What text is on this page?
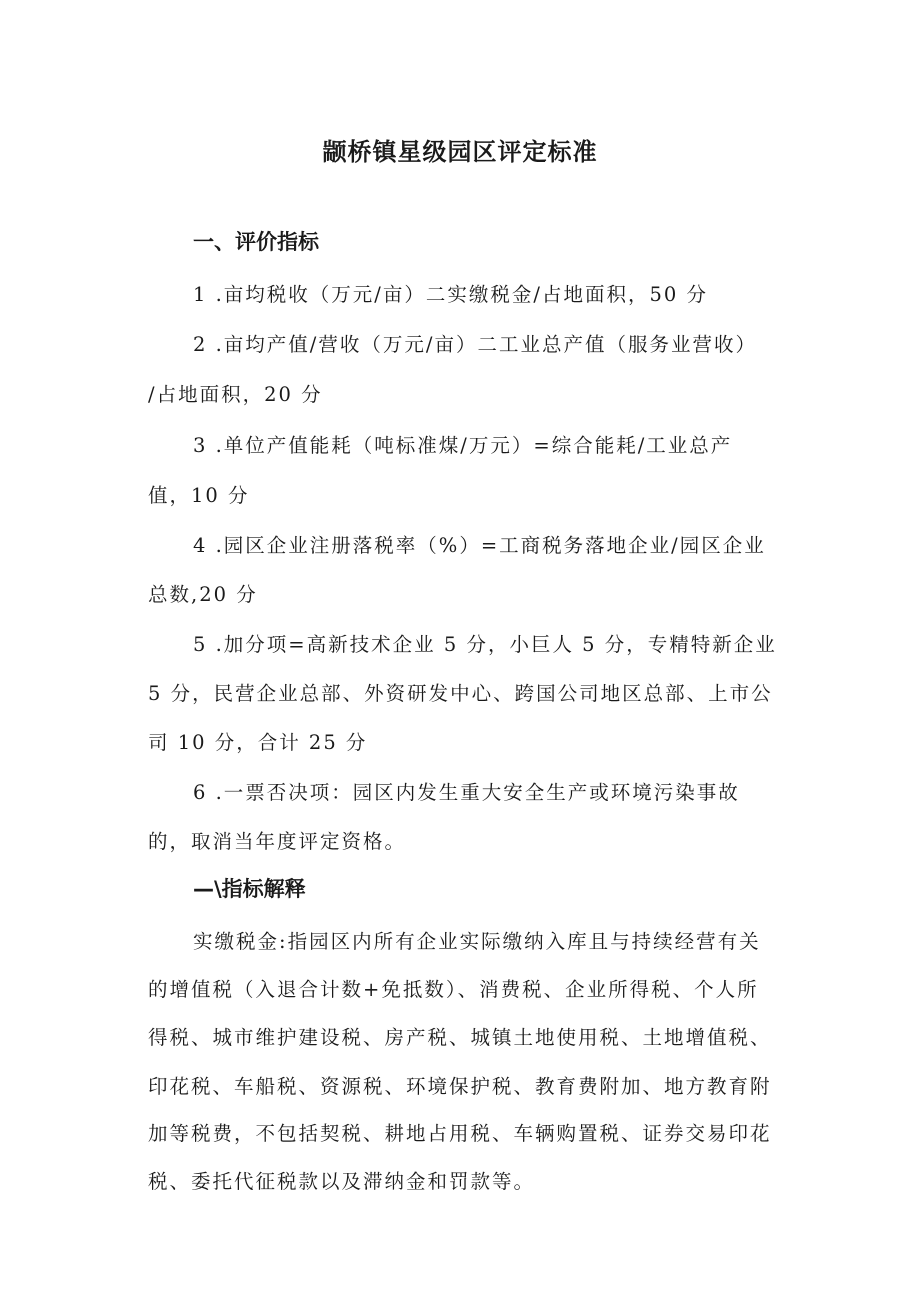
颛桥镇星级园区评定标准
一、评价指标
1 .亩均税收（万元/亩）二实缴税金/占地面积，50 分
2 .亩均产值/营收（万元/亩）二工业总产值（服务业营收）
/占地面积，20 分
3 .单位产值能耗（吨标准煤/万元）=综合能耗/工业总产
值，10 分
4 .园区企业注册落税率（%）=工商税务落地企业/园区企业
总数,20 分
5 .加分项=高新技术企业 5 分，小巨人 5 分，专精特新企业
5 分，民营企业总部、外资研发中心、跨国公司地区总部、上市公
司 10 分，合计 25 分
6 .一票否决项：园区内发生重大安全生产或环境污染事故
的，取消当年度评定资格。
—\指标解释
实缴税金:指园区内所有企业实际缴纳入库且与持续经营有关
的增值税（入退合计数+免抵数）、消费税、企业所得税、个人所
得税、城市维护建设税、房产税、城镇土地使用税、土地增值税、
印花税、车船税、资源税、环境保护税、教育费附加、地方教育附
加等税费，不包括契税、耕地占用税、车辆购置税、证券交易印花
税、委托代征税款以及滞纳金和罚款等。
